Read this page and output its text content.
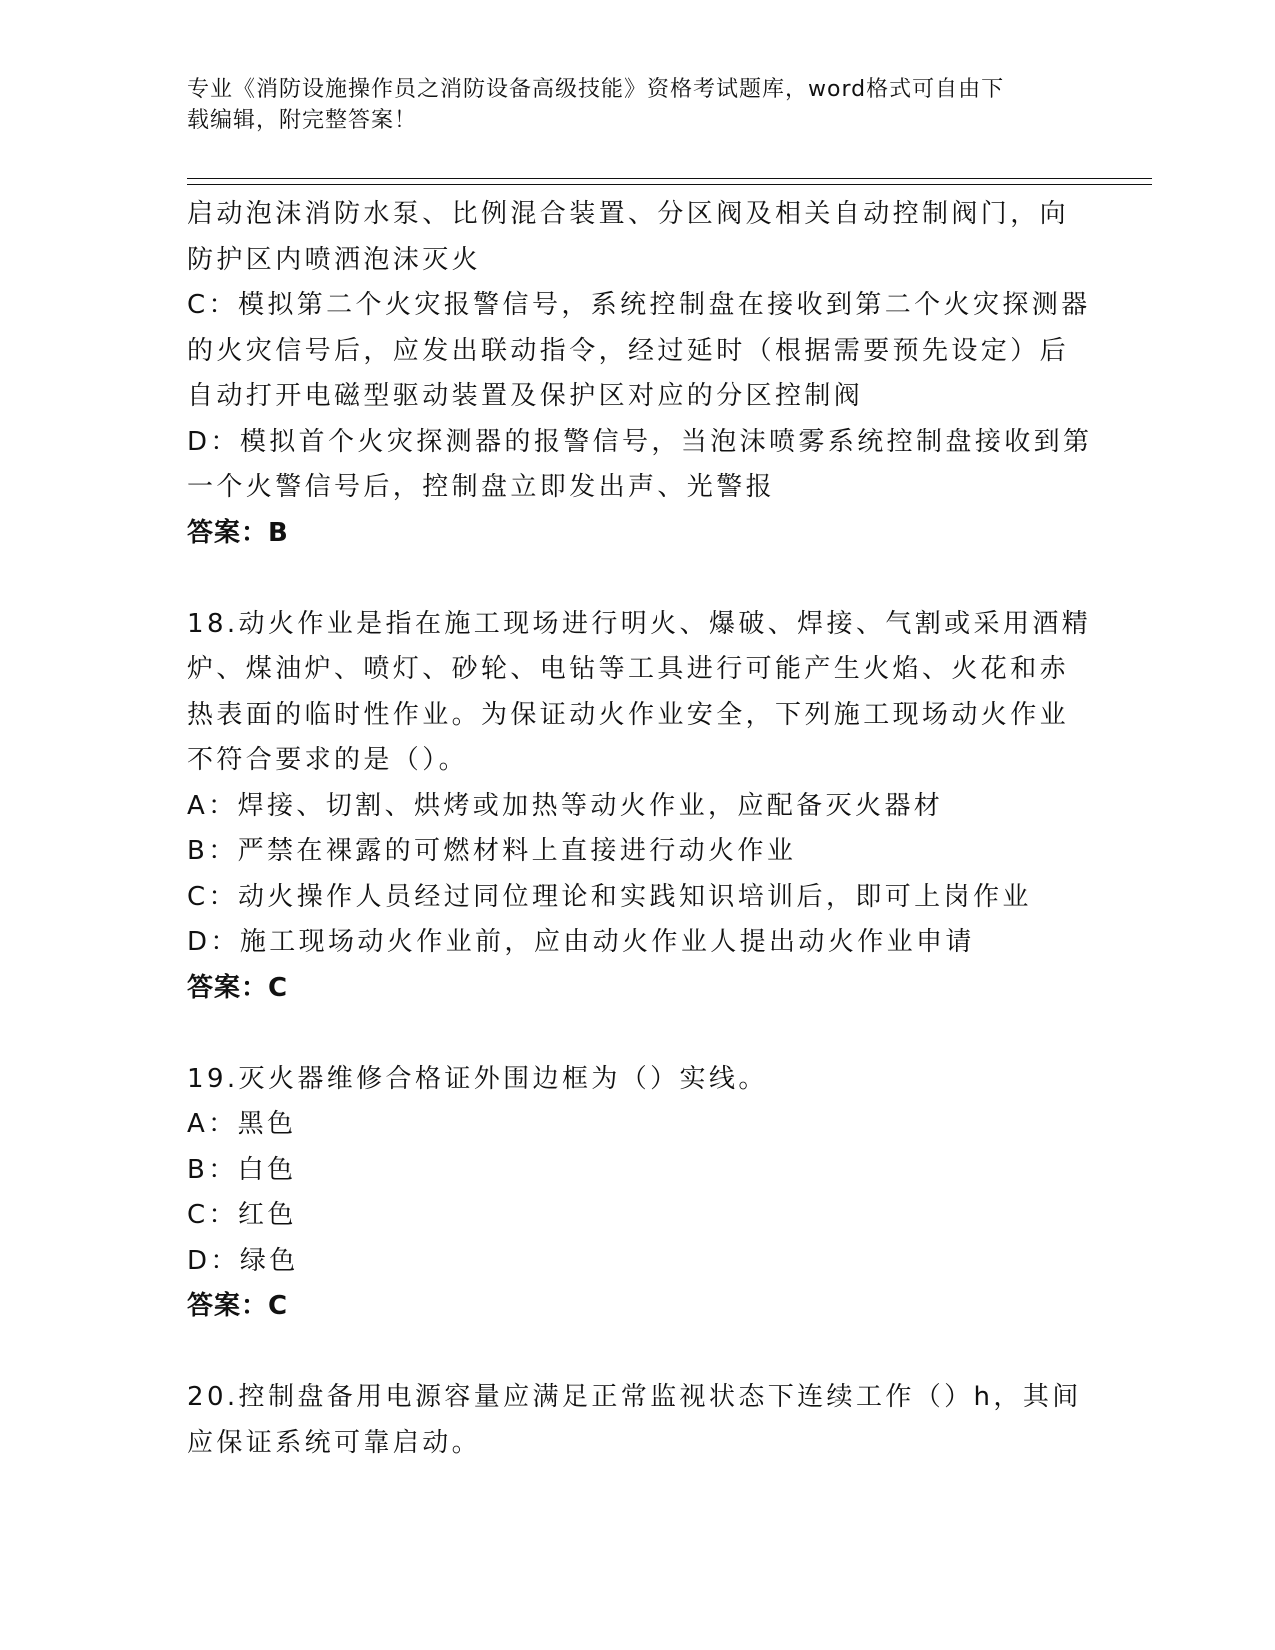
专业《消防设施操作员之消防设备高级技能》资格考试题库，word格式可自由下
载编辑，附完整答案！
启动泡沫消防水泵、比例混合装置、分区阀及相关自动控制阀门，向
防护区内喷洒泡沫灭火
C：模拟第二个火灾报警信号，系统控制盘在接收到第二个火灾探测器
的火灾信号后，应发出联动指令，经过延时（根据需要预先设定）后
自动打开电磁型驱动装置及保护区对应的分区控制阀
D：模拟首个火灾探测器的报警信号，当泡沫喷雾系统控制盘接收到第
一个火警信号后，控制盘立即发出声、光警报
答案：B
18.动火作业是指在施工现场进行明火、爆破、焊接、气割或采用酒精
炉、煤油炉、喷灯、砂轮、电钻等工具进行可能产生火焰、火花和赤
热表面的临时性作业。为保证动火作业安全，下列施工现场动火作业
不符合要求的是（）。
A：焊接、切割、烘烤或加热等动火作业，应配备灭火器材
B：严禁在裸露的可燃材料上直接进行动火作业
C：动火操作人员经过同位理论和实践知识培训后，即可上岗作业
D：施工现场动火作业前，应由动火作业人提出动火作业申请
答案：C
19.灭火器维修合格证外围边框为（）实线。
A：黑色
B：白色
C：红色
D：绿色
答案：C
20.控制盘备用电源容量应满足正常监视状态下连续工作（）h，其间
应保证系统可靠启动。
